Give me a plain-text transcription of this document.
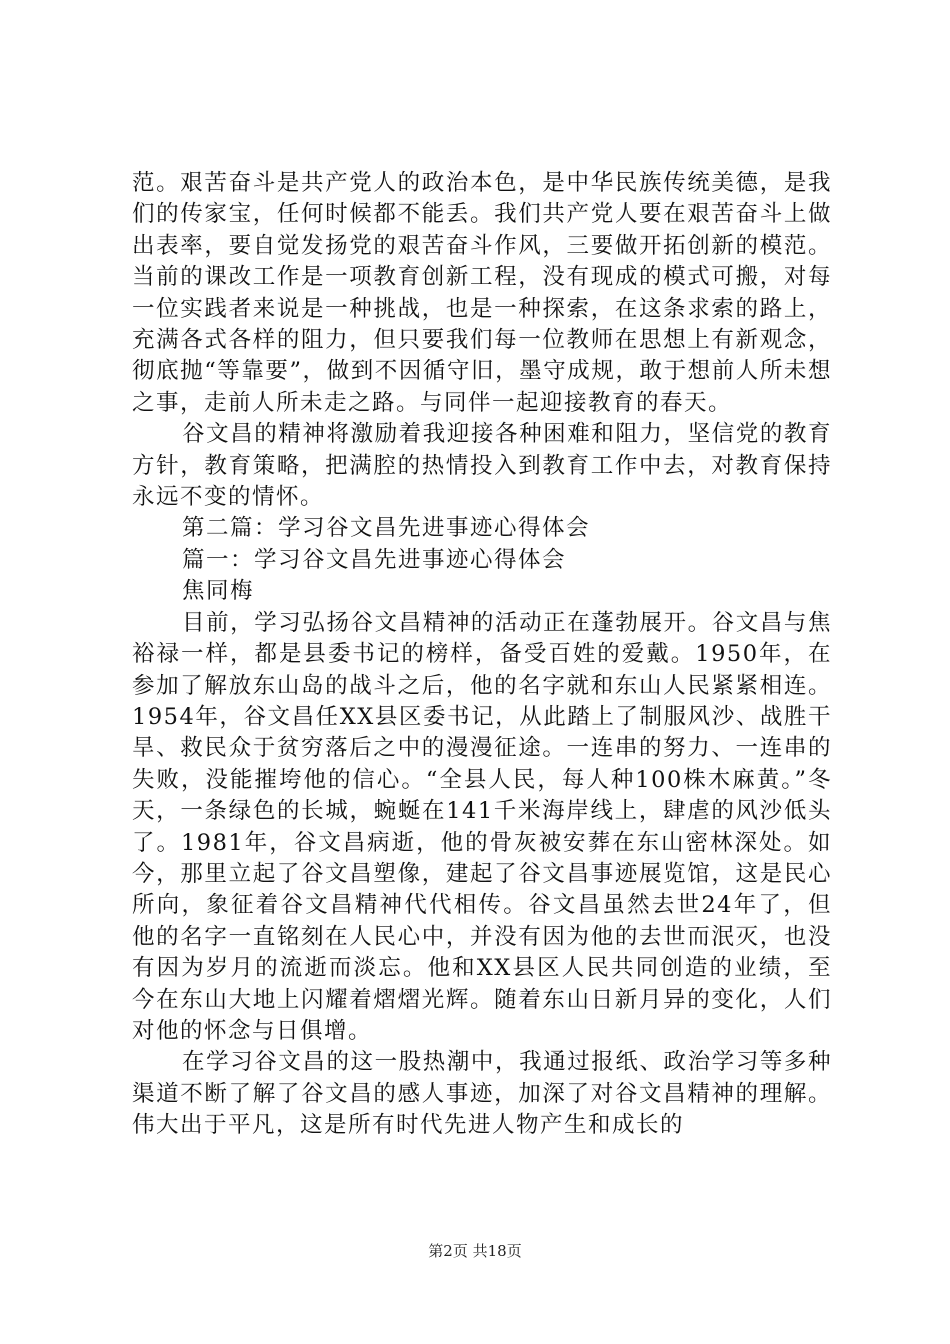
范。艰苦奋斗是共产党人的政治本色，是中华民族传统美德，是我们的传家宝，任何时候都不能丢。我们共产党人要在艰苦奋斗上做出表率，要自觉发扬党的艰苦奋斗作风，三要做开拓创新的模范。当前的课改工作是一项教育创新工程，没有现成的模式可搬，对每一位实践者来说是一种挑战，也是一种探索，在这条求索的路上，充满各式各样的阻力，但只要我们每一位教师在思想上有新观念，彻底抛“等靠要”，做到不因循守旧，墨守成规，敢于想前人所未想之事，走前人所未走之路。与同伴一起迎接教育的春天。

谷文昌的精神将激励着我迎接各种困难和阻力，坚信党的教育方针，教育策略，把满腔的热情投入到教育工作中去，对教育保持永远不变的情怀。

第二篇：学习谷文昌先进事迹心得体会

篇一：学习谷文昌先进事迹心得体会

焦同梅

目前，学习弘扬谷文昌精神的活动正在蓬勃展开。谷文昌与焦裕禄一样，都是县委书记的榜样，备受百姓的爱戴。1950年，在参加了解放东山岛的战斗之后，他的名字就和东山人民紧紧相连。1954年，谷文昌任XX县区委书记，从此踏上了制服风沙、战胜干旱、救民众于贫穷落后之中的漫漫征途。一连串的努力、一连串的失败，没能摧垮他的信心。“全县人民，每人种100株木麻黄。”冬天，一条绿色的长城，蜿蜒在141千米海岸线上，肆虐的风沙低头了。1981年，谷文昌病逝，他的骨灰被安葬在东山密林深处。如今，那里立起了谷文昌塑像，建起了谷文昌事迹展览馆，这是民心所向，象征着谷文昌精神代代相传。谷文昌虽然去世24年了，但他的名字一直铭刻在人民心中，并没有因为他的去世而泯灭，也没有因为岁月的流逝而淡忘。他和XX县区人民共同创造的业绩，至今在东山大地上闪耀着熠熠光辉。随着东山日新月异的变化，人们对他的怀念与日俱增。

在学习谷文昌的这一股热潮中，我通过报纸、政治学习等多种渠道不断了解了谷文昌的感人事迹，加深了对谷文昌精神的理解。伟大出于平凡，这是所有时代先进人物产生和成长的

第2页 共18页
